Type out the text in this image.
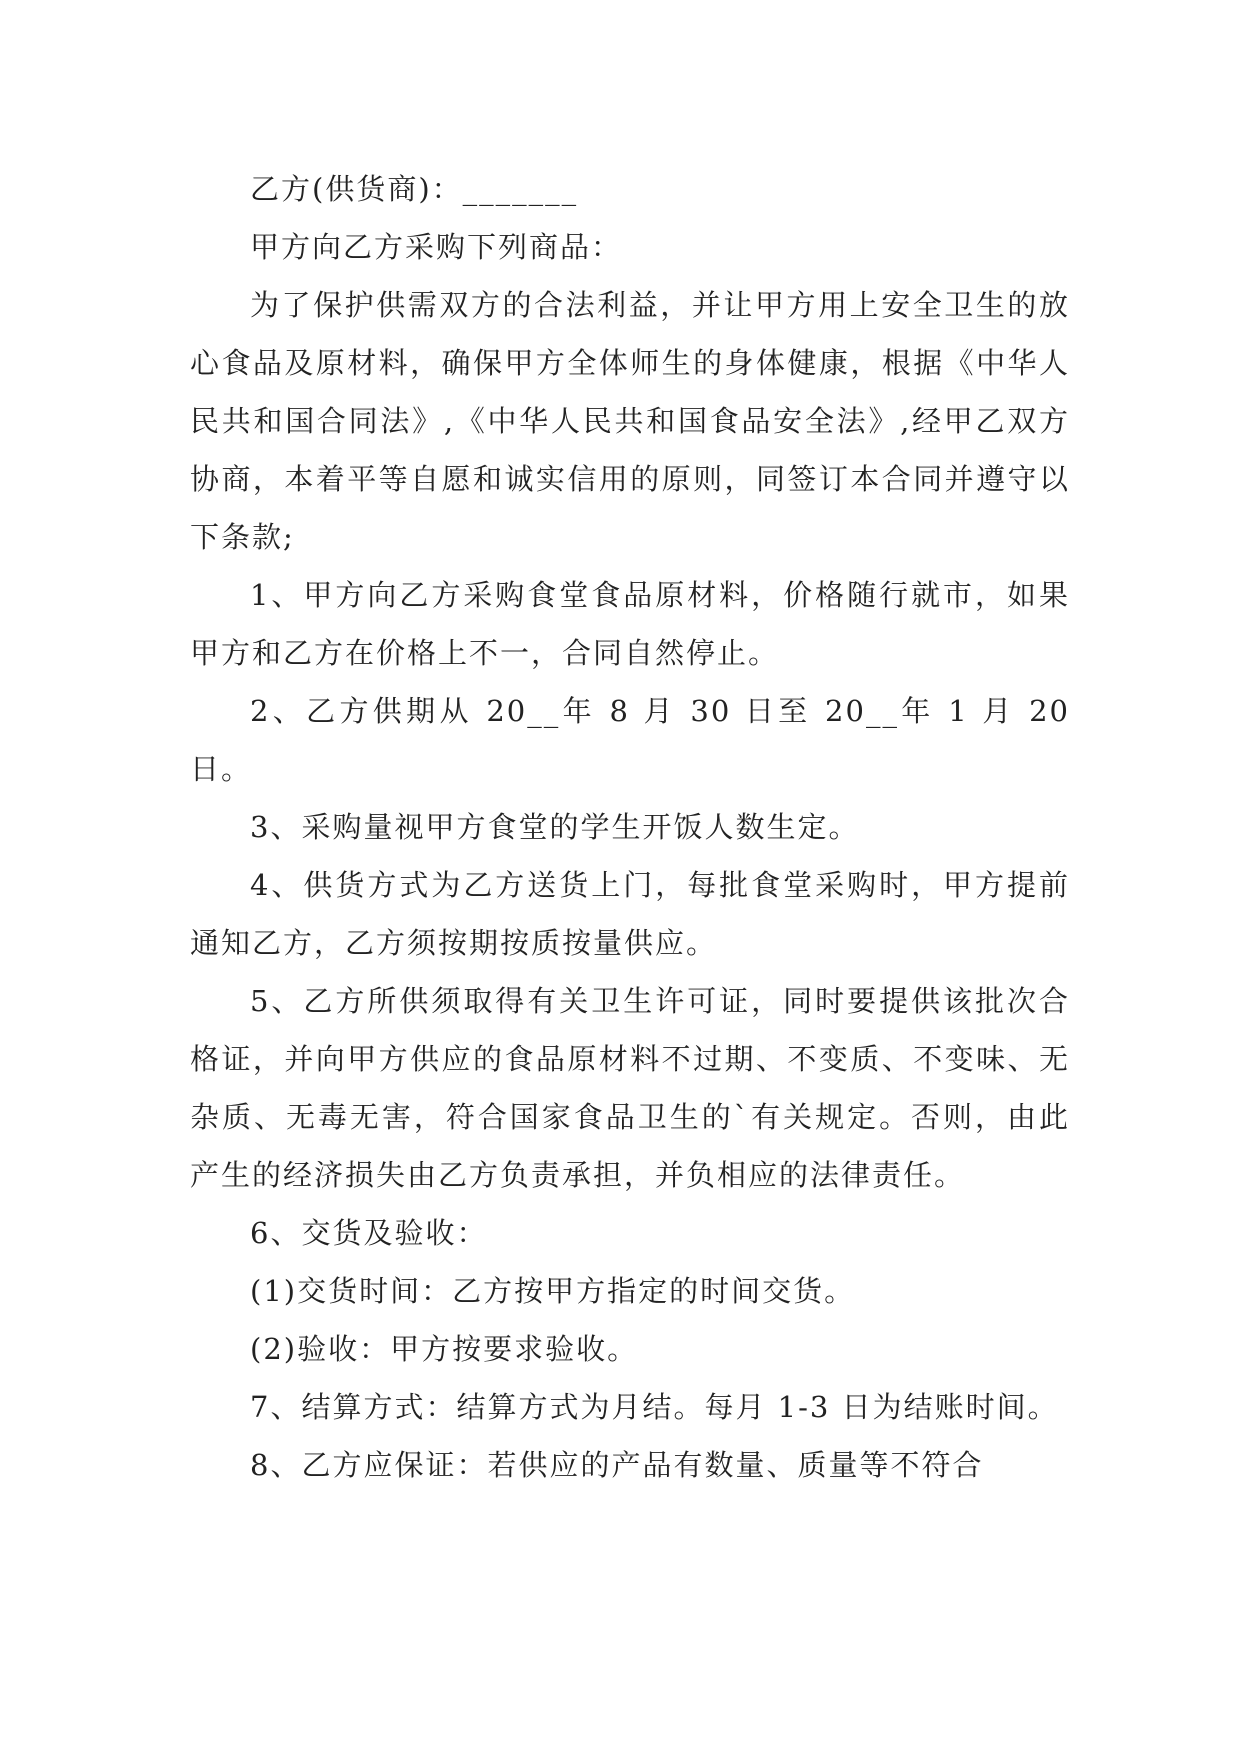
乙方(供货商)：_______

甲方向乙方采购下列商品：

为了保护供需双方的合法利益，并让甲方用上安全卫生的放心食品及原材料，确保甲方全体师生的身体健康，根据《中华人民共和国合同法》,《中华人民共和国食品安全法》,经甲乙双方协商，本着平等自愿和诚实信用的原则，同签订本合同并遵守以下条款;

1、甲方向乙方采购食堂食品原材料，价格随行就市，如果甲方和乙方在价格上不一，合同自然停止。

2、乙方供期从 20__年 8 月 30 日至 20__年 1 月 20 日。

3、采购量视甲方食堂的学生开饭人数生定。

4、供货方式为乙方送货上门，每批食堂采购时，甲方提前通知乙方，乙方须按期按质按量供应。

5、乙方所供须取得有关卫生许可证，同时要提供该批次合格证，并向甲方供应的食品原材料不过期、不变质、不变味、无杂质、无毒无害，符合国家食品卫生的`有关规定。否则，由此产生的经济损失由乙方负责承担，并负相应的法律责任。

6、交货及验收：

(1)交货时间：乙方按甲方指定的时间交货。

(2)验收：甲方按要求验收。

7、结算方式：结算方式为月结。每月 1-3 日为结账时间。

8、乙方应保证：若供应的产品有数量、质量等不符合
